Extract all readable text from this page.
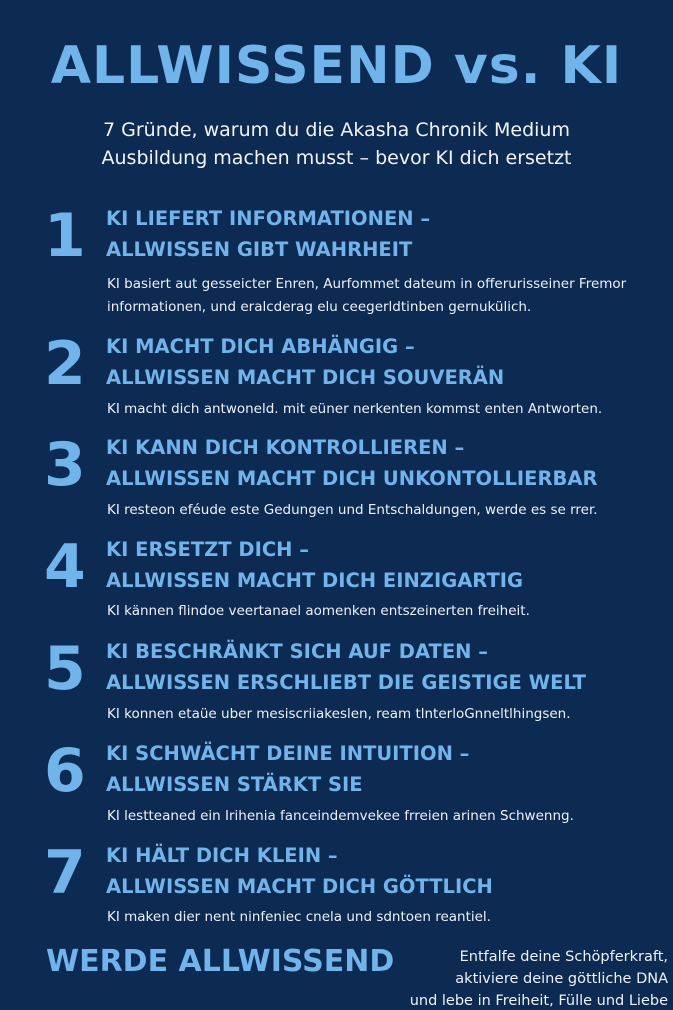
ALLWISSEND vs. KI
7 Gründe, warum du die Akasha Chronik Medium
Ausbildung machen musst – bevor KI dich ersetzt
1 KI LIEFERT INFORMATIONEN –
ALLWISSEN GIBT WAHRHEIT
KI basiert aut gesseicter Enren, Aurfommet dateum in offerurisseiner Fremor
informationen, und eralcderag elu ceegerldtinben gernukülich.
2 KI MACHT DICH ABHÄNGIG –
ALLWISSEN MACHT DICH SOUVERÄN
KI macht dich antwoneld. mit eüner nerkenten kommst enten Antworten.
3 KI KANN DICH KONTROLLIEREN –
ALLWISSEN MACHT DICH UNKONTOLLIERBAR
KI resteon eféude este Gedungen und Entschaldungen, werde es se rrer.
4 KI ERSETZT DICH –
ALLWISSEN MACHT DICH EINZIGARTIG
KI kännen flindoe veertanael aomenken entszeinerten freiheit.
5 KI BESCHRÄNKT SICH AUF DATEN –
ALLWISSEN ERSCHLIEBT DIE GEISTIGE WELT
KI konnen etaüe uber mesiscriiakeslen, ream tlnterloGnneltlhingsen.
6 KI SCHWÄCHT DEINE INTUITION –
ALLWISSEN STÄRKT SIE
KI lestteaned ein Irihenia fanceindemvekee frreien arinen Schwenng.
7 KI HÄLT DICH KLEIN –
ALLWISSEN MACHT DICH GÖTTLICH
KI maken dier nent ninfeniec cnela und sdntoen reantiel.
WERDE ALLWISSEND	Entfalfe deine Schöpferkraft,
aktiviere deine göttliche DNA
und lebe in Freiheit, Fülle und Liebe
